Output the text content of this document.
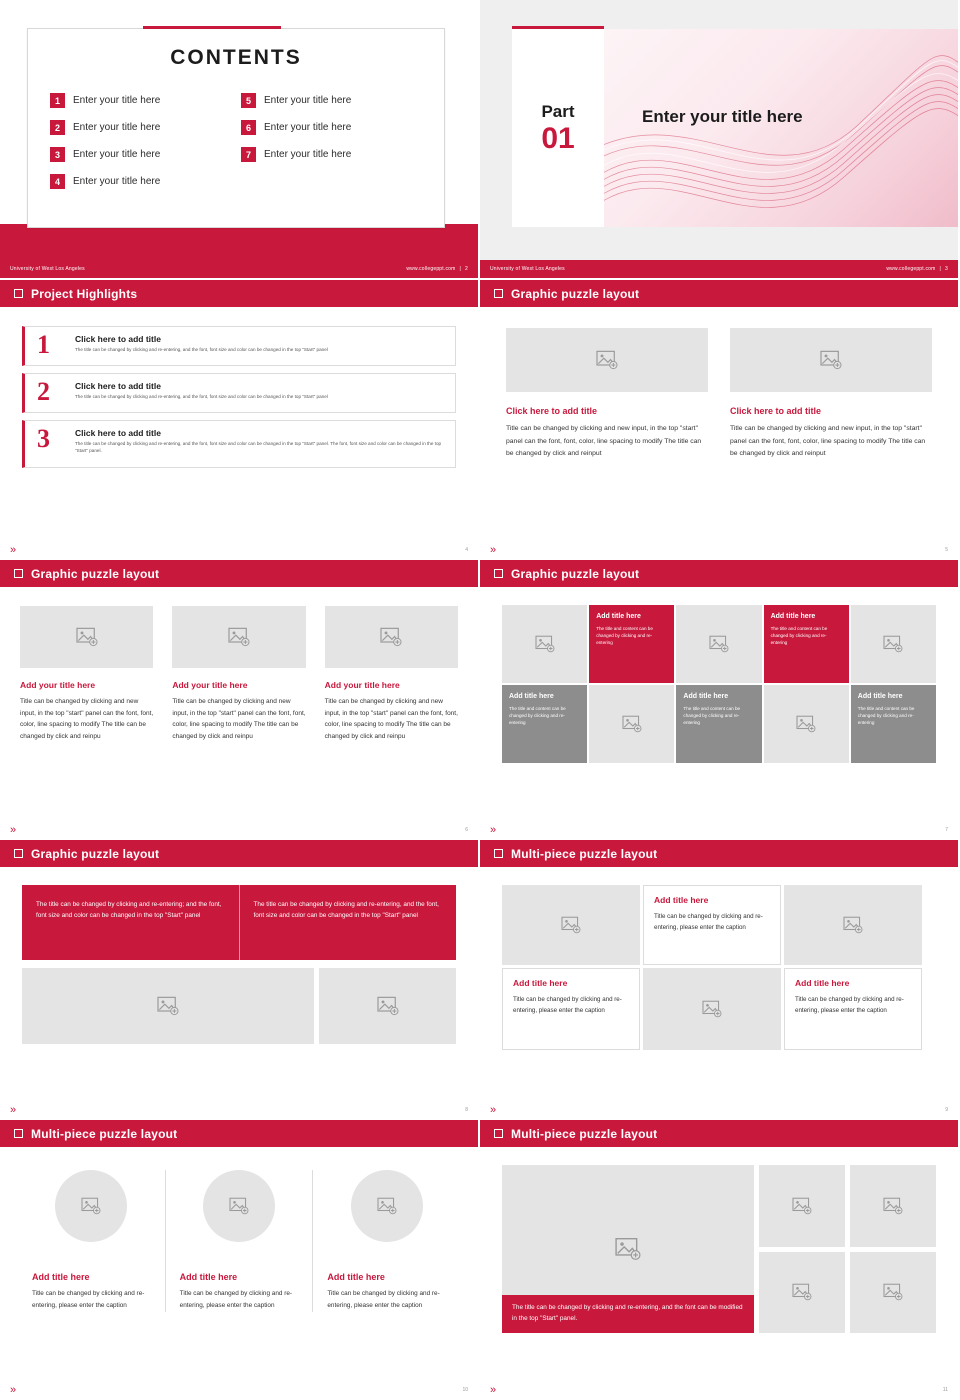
CONTENTS
1	Enter your title here	5	Enter your title here
2	Enter your title here	6	Enter your title here
3	Enter your title here	7	Enter your title here
4	Enter your title here
University of West Los Angeles	www.collegeppt.com | 2
Enter your title here
Part
01
University of West Los Angeles	www.collegeppt.com | 3
Project Highlights
1	Click here to add title
The title can be changed by clicking and re-entering, and the font, font size and color can be changed in the top "Start" panel
2	Click here to add title
The title can be changed by clicking and re-entering, and the font, font size and color can be changed in the top "Start" panel
3	Click here to add title
The title can be changed by clicking and re-entering, and the font, font size and color can be changed in the top "Start" panel. The font, font size and color can be changed in the top "Start" panel.
»	4
Graphic puzzle layout
Click here to add title
Title can be changed by clicking and new input, in the top "start" panel can the font, font, color, line spacing to modify The title can be changed by click and reinput
Click here to add title
Title can be changed by clicking and new input, in the top "start" panel can the font, font, color, line spacing to modify The title can be changed by click and reinput
»	5
Graphic puzzle layout
Add your title here
Title can be changed by clicking and new input, in the top "start" panel can the font, font, color, line spacing to modify The title can be changed by click and reinpu
Add your title here
Title can be changed by clicking and new input, in the top "start" panel can the font, font, color, line spacing to modify The title can be changed by click and reinpu
Add your title here
Title can be changed by clicking and new input, in the top "start" panel can the font, font, color, line spacing to modify The title can be changed by click and reinpu
»	6
Graphic puzzle layout
Add title here
The title and content can be changed by clicking and re-entering
Add title here
The title and content can be changed by clicking and re-entering
Add title here
The title and content can be changed by clicking and re-entering
Add title here
The title and content can be changed by clicking and re-entering
Add title here
The title and content can be changed by clicking and re-entering
»	7
Graphic puzzle layout
The title can be changed by clicking and re-entering; and the font, font size and color can be changed in the top "Start" panel
The title can be changed by clicking and re-entering, and the font, font size and color can be changed in the top "Start" panel
»	8
Multi-piece puzzle layout
Add title here
Title can be changed by clicking and re-entering, please enter the caption
Add title here
Title can be changed by clicking and re-entering, please enter the caption
Add title here
Title can be changed by clicking and re-entering, please enter the caption
»	9
Multi-piece puzzle layout
Add title here
Title can be changed by clicking and re-entering, please enter the caption
Add title here
Title can be changed by clicking and re-entering, please enter the caption
Add title here
Title can be changed by clicking and re-entering, please enter the caption
»	10
Multi-piece puzzle layout
The title can be changed by clicking and re-entering, and the font can be modified in the top "Start" panel.
»	11
